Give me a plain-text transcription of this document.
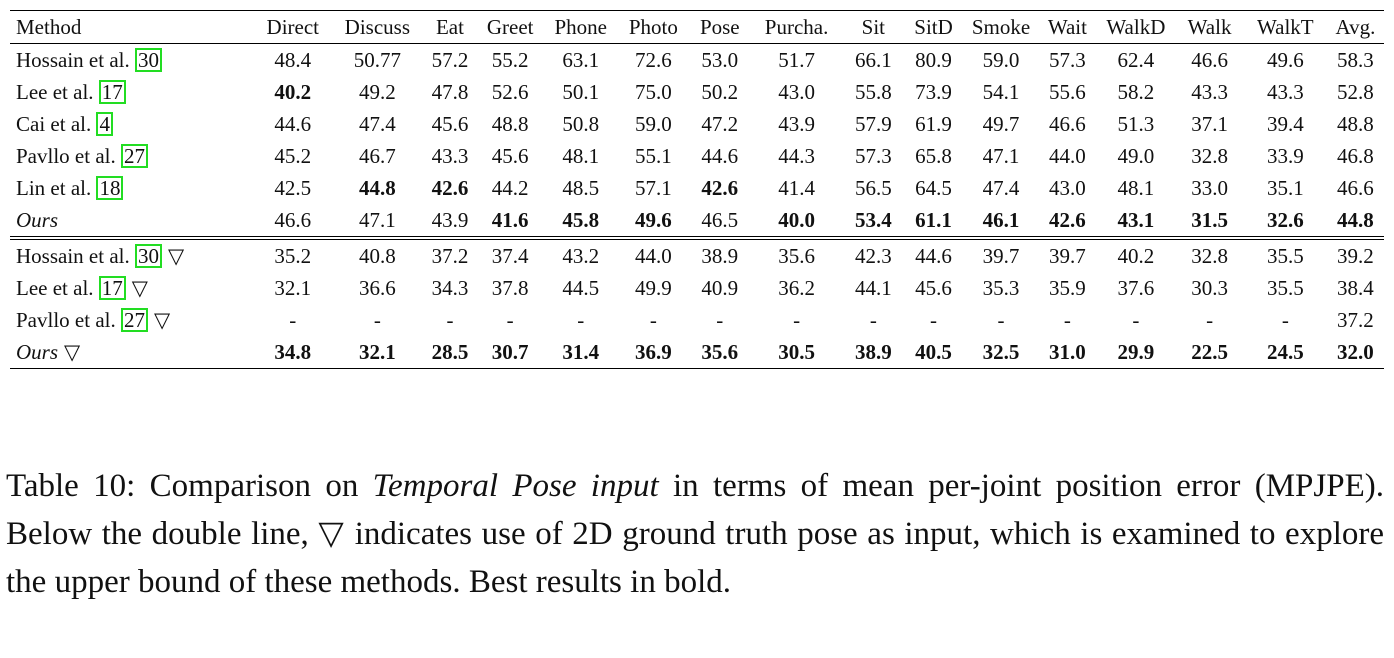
Method	Direct	Discuss	Eat	Greet	Phone	Photo	Pose	Purcha.	Sit	SitD	Smoke	Wait	WalkD	Walk	WalkT	Avg.
Hossain et al. 30	48.4	50.77	57.2	55.2	63.1	72.6	53.0	51.7	66.1	80.9	59.0	57.3	62.4	46.6	49.6	58.3
Lee et al. 17	40.2	49.2	47.8	52.6	50.1	75.0	50.2	43.0	55.8	73.9	54.1	55.6	58.2	43.3	43.3	52.8
Cai et al. 4	44.6	47.4	45.6	48.8	50.8	59.0	47.2	43.9	57.9	61.9	49.7	46.6	51.3	37.1	39.4	48.8
Pavllo et al. 27	45.2	46.7	43.3	45.6	48.1	55.1	44.6	44.3	57.3	65.8	47.1	44.0	49.0	32.8	33.9	46.8
Lin et al. 18	42.5	44.8	42.6	44.2	48.5	57.1	42.6	41.4	56.5	64.5	47.4	43.0	48.1	33.0	35.1	46.6
Ours	46.6	47.1	43.9	41.6	45.8	49.6	46.5	40.0	53.4	61.1	46.1	42.6	43.1	31.5	32.6	44.8
Hossain et al. 30 ▽	35.2	40.8	37.2	37.4	43.2	44.0	38.9	35.6	42.3	44.6	39.7	39.7	40.2	32.8	35.5	39.2
Lee et al. 17 ▽	32.1	36.6	34.3	37.8	44.5	49.9	40.9	36.2	44.1	45.6	35.3	35.9	37.6	30.3	35.5	38.4
Pavllo et al. 27 ▽	-	-	-	-	-	-	-	-	-	-	-	-	-	-	-	37.2
Ours ▽	34.8	32.1	28.5	30.7	31.4	36.9	35.6	30.5	38.9	40.5	32.5	31.0	29.9	22.5	24.5	32.0
Table 10: Comparison on Temporal Pose input in terms of mean per-joint position error (MPJPE). Below the double line, ▽ indicates use of 2D ground truth pose as input, which is examined to explore the upper bound of these methods. Best results in bold.
